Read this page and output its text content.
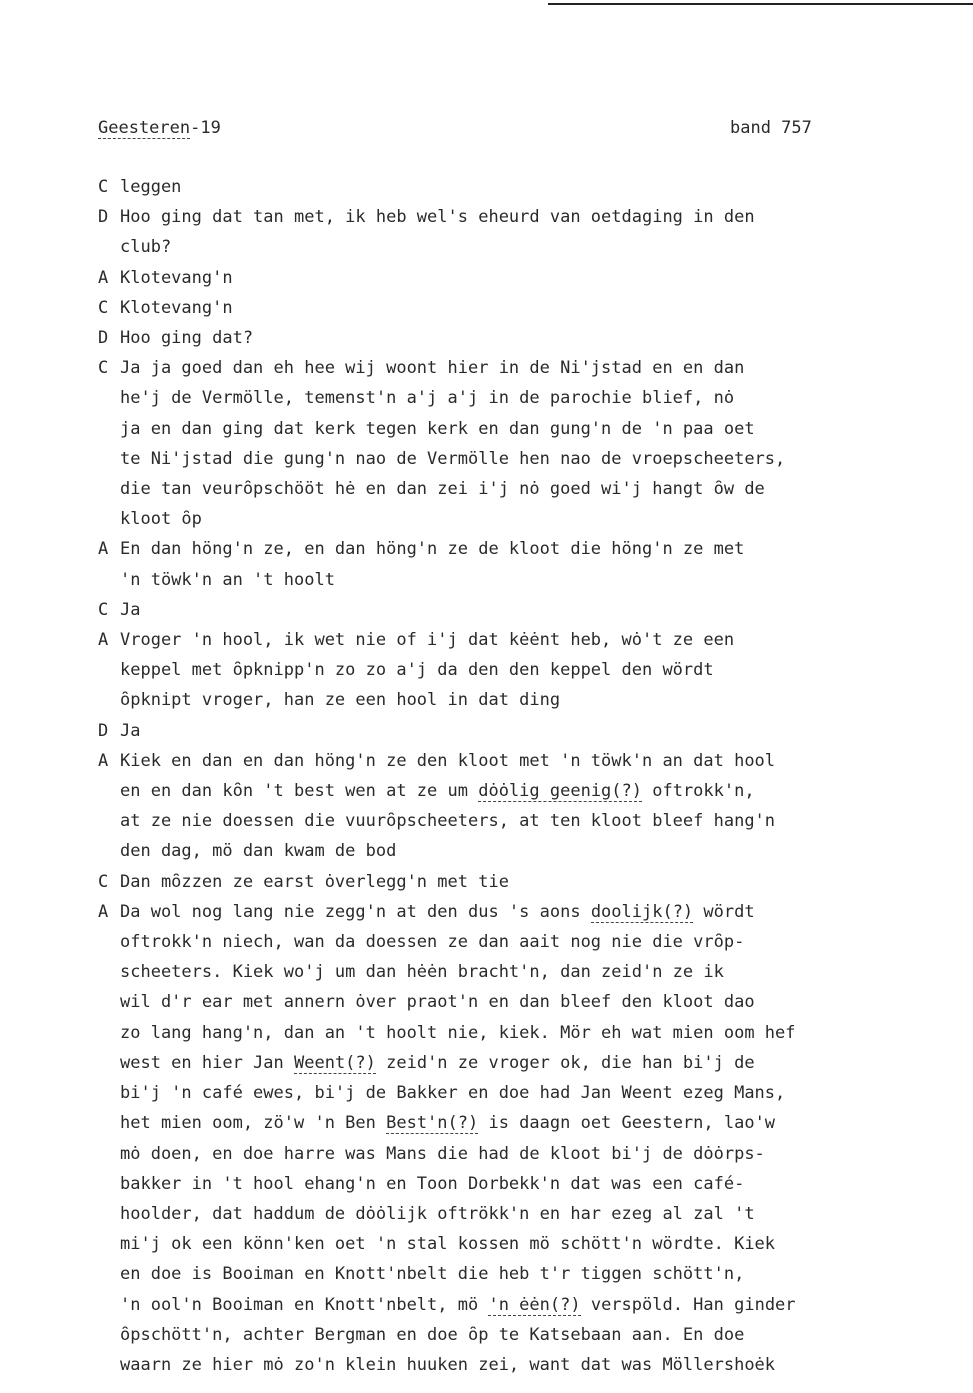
Geesteren-19	band 757
C leggen
D Hoo ging dat tan met, ik heb wel's eheurd van oetdaging in den
club?
A Klotevang'n
C Klotevang'n
D Hoo ging dat?
C Ja ja goed dan eh hee wij woont hier in de Ni'jstad en en dan
he'j de Vermölle, temenst'n a'j a'j in de parochie blief, nȯ
ja en dan ging dat kerk tegen kerk en dan gung'n de 'n paa oet
te Ni'jstad die gung'n nao de Vermölle hen nao de vroepscheeters,
die tan veurȏpschööt hė en dan zei i'j nȯ goed wi'j hangt ȏw de
kloot ȏp
A En dan höng'n ze, en dan höng'n ze de kloot die höng'n ze met
'n töwk'n an 't hoolt
C Ja
A Vroger 'n hool, ik wet nie of i'j dat kėėnt heb, wȯ't ze een
keppel met ȏpknipp'n zo zo a'j da den den keppel den wördt
ȏpknipt vroger, han ze een hool in dat ding
D Ja
A Kiek en dan en dan höng'n ze den kloot met 'n töwk'n an dat hool
en en dan kȏn 't best wen at ze um dȯȯlig geenig(?) oftrokk'n,
at ze nie doessen die vuurȏpscheeters, at ten kloot bleef hang'n
den dag, mö dan kwam de bod
C Dan mȏzzen ze earst ȯverlegg'n met tie
A Da wol nog lang nie zegg'n at den dus 's aons doolijk(?) wördt
oftrokk'n niech, wan da doessen ze dan aait nog nie die vrȏp-
scheeters. Kiek wo'j um dan hėėn bracht'n, dan zeid'n ze ik
wil d'r ear met annern ȯver praot'n en dan bleef den kloot dao
zo lang hang'n, dan an 't hoolt nie, kiek. Mör eh wat mien oom hef
west en hier Jan Weent(?) zeid'n ze vroger ok, die han bi'j de
bi'j 'n café ewes, bi'j de Bakker en doe had Jan Weent ezeg Mans,
het mien oom, zö'w 'n Ben Best'n(?) is daagn oet Geestern, lao'w
mȯ doen, en doe harre was Mans die had de kloot bi'j de dȯȯrps-
bakker in 't hool ehang'n en Toon Dorbekk'n dat was een café-
hoolder, dat haddum de dȯȯlijk oftrökk'n en har ezeg al zal 't
mi'j ok een könn'ken oet 'n stal kossen mö schött'n wördte. Kiek
en doe is Booiman en Knott'nbelt die heb t'r tiggen schött'n,
'n ool'n Booiman en Knott'nbelt, mö 'n ėėn(?) verspöld. Han ginder
ȏpschött'n, achter Bergman en doe ȏp te Katsebaan aan. En doe
waarn ze hier mȯ zo'n klein huuken zei, want dat was Möllershoėk
